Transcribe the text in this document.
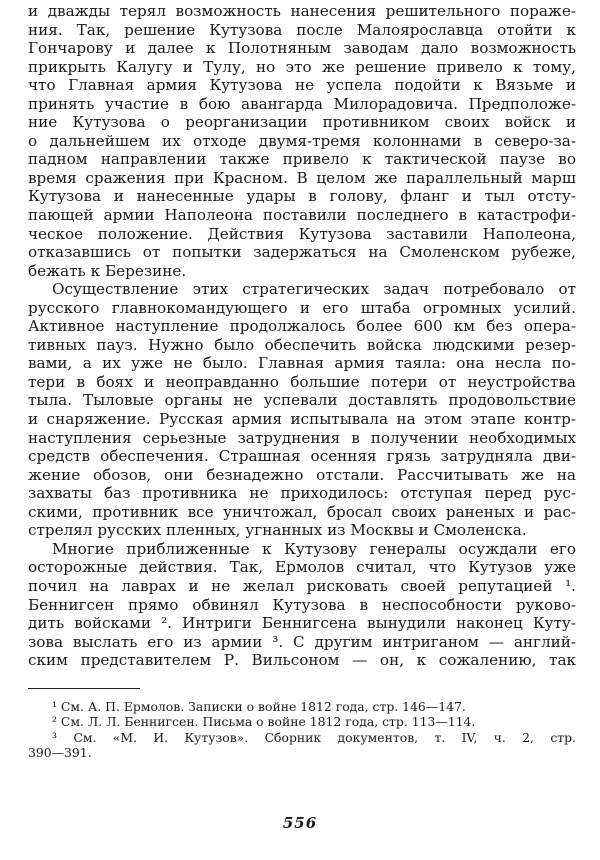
и дважды терял возможность нанесения решительного пораже-
ния. Так, решение Кутузова после Малоярославца отойти к
Гончарову и далее к Полотняным заводам дало возможность
прикрыть Калугу и Тулу, но это же решение привело к тому,
что Главная армия Кутузова не успела подойти к Вязьме и
принять участие в бою авангарда Милорадовича. Предположе-
ние Кутузова о реорганизации противником своих войск и
о дальнейшем их отходе двумя-тремя колоннами в северо-за-
падном направлении также привело к тактической паузе во
время сражения при Красном. В целом же параллельный марш
Кутузова и нанесенные удары в голову, фланг и тыл отсту-
пающей армии Наполеона поставили последнего в катастрофи-
ческое положение. Действия Кутузова заставили Наполеона,
отказавшись от попытки задержаться на Смоленском рубеже,
бежать к Березине.
Осуществление этих стратегических задач потребовало от
русского главнокомандующего и его штаба огромных усилий.
Активное наступление продолжалось более 600 км без опера-
тивных пауз. Нужно было обеспечить войска людскими резер-
вами, а их уже не было. Главная армия таяла: она несла по-
тери в боях и неоправданно большие потери от неустройства
тыла. Тыловые органы не успевали доставлять продовольствие
и снаряжение. Русская армия испытывала на этом этапе контр-
наступления серьезные затруднения в получении необходимых
средств обеспечения. Страшная осенняя грязь затрудняла дви-
жение обозов, они безнадежно отстали. Рассчитывать же на
захваты баз противника не приходилось: отступая перед рус-
скими, противник все уничтожал, бросал своих раненых и рас-
стрелял русских пленных, угнанных из Москвы и Смоленска.
Многие приближенные к Кутузову генералы осуждали его
осторожные действия. Так, Ермолов считал, что Кутузов уже
почил на лаврах и не желал рисковать своей репутацией ¹.
Беннигсен прямо обвинял Кутузова в неспособности руково-
дить войсками ². Интриги Беннигсена вынудили наконец Куту-
зова выслать его из армии ³. С другим интриганом — англий-
ским представителем Р. Вильсоном — он, к сожалению, так
¹ См. А. П. Ермолов. Записки о войне 1812 года, стр. 146—147.
² См. Л. Л. Беннигсен. Письма о войне 1812 года, стр. 113—114.
³ См. «М. И. Кутузов». Сборник документов, т. IV, ч. 2, стр.
390—391.
556
